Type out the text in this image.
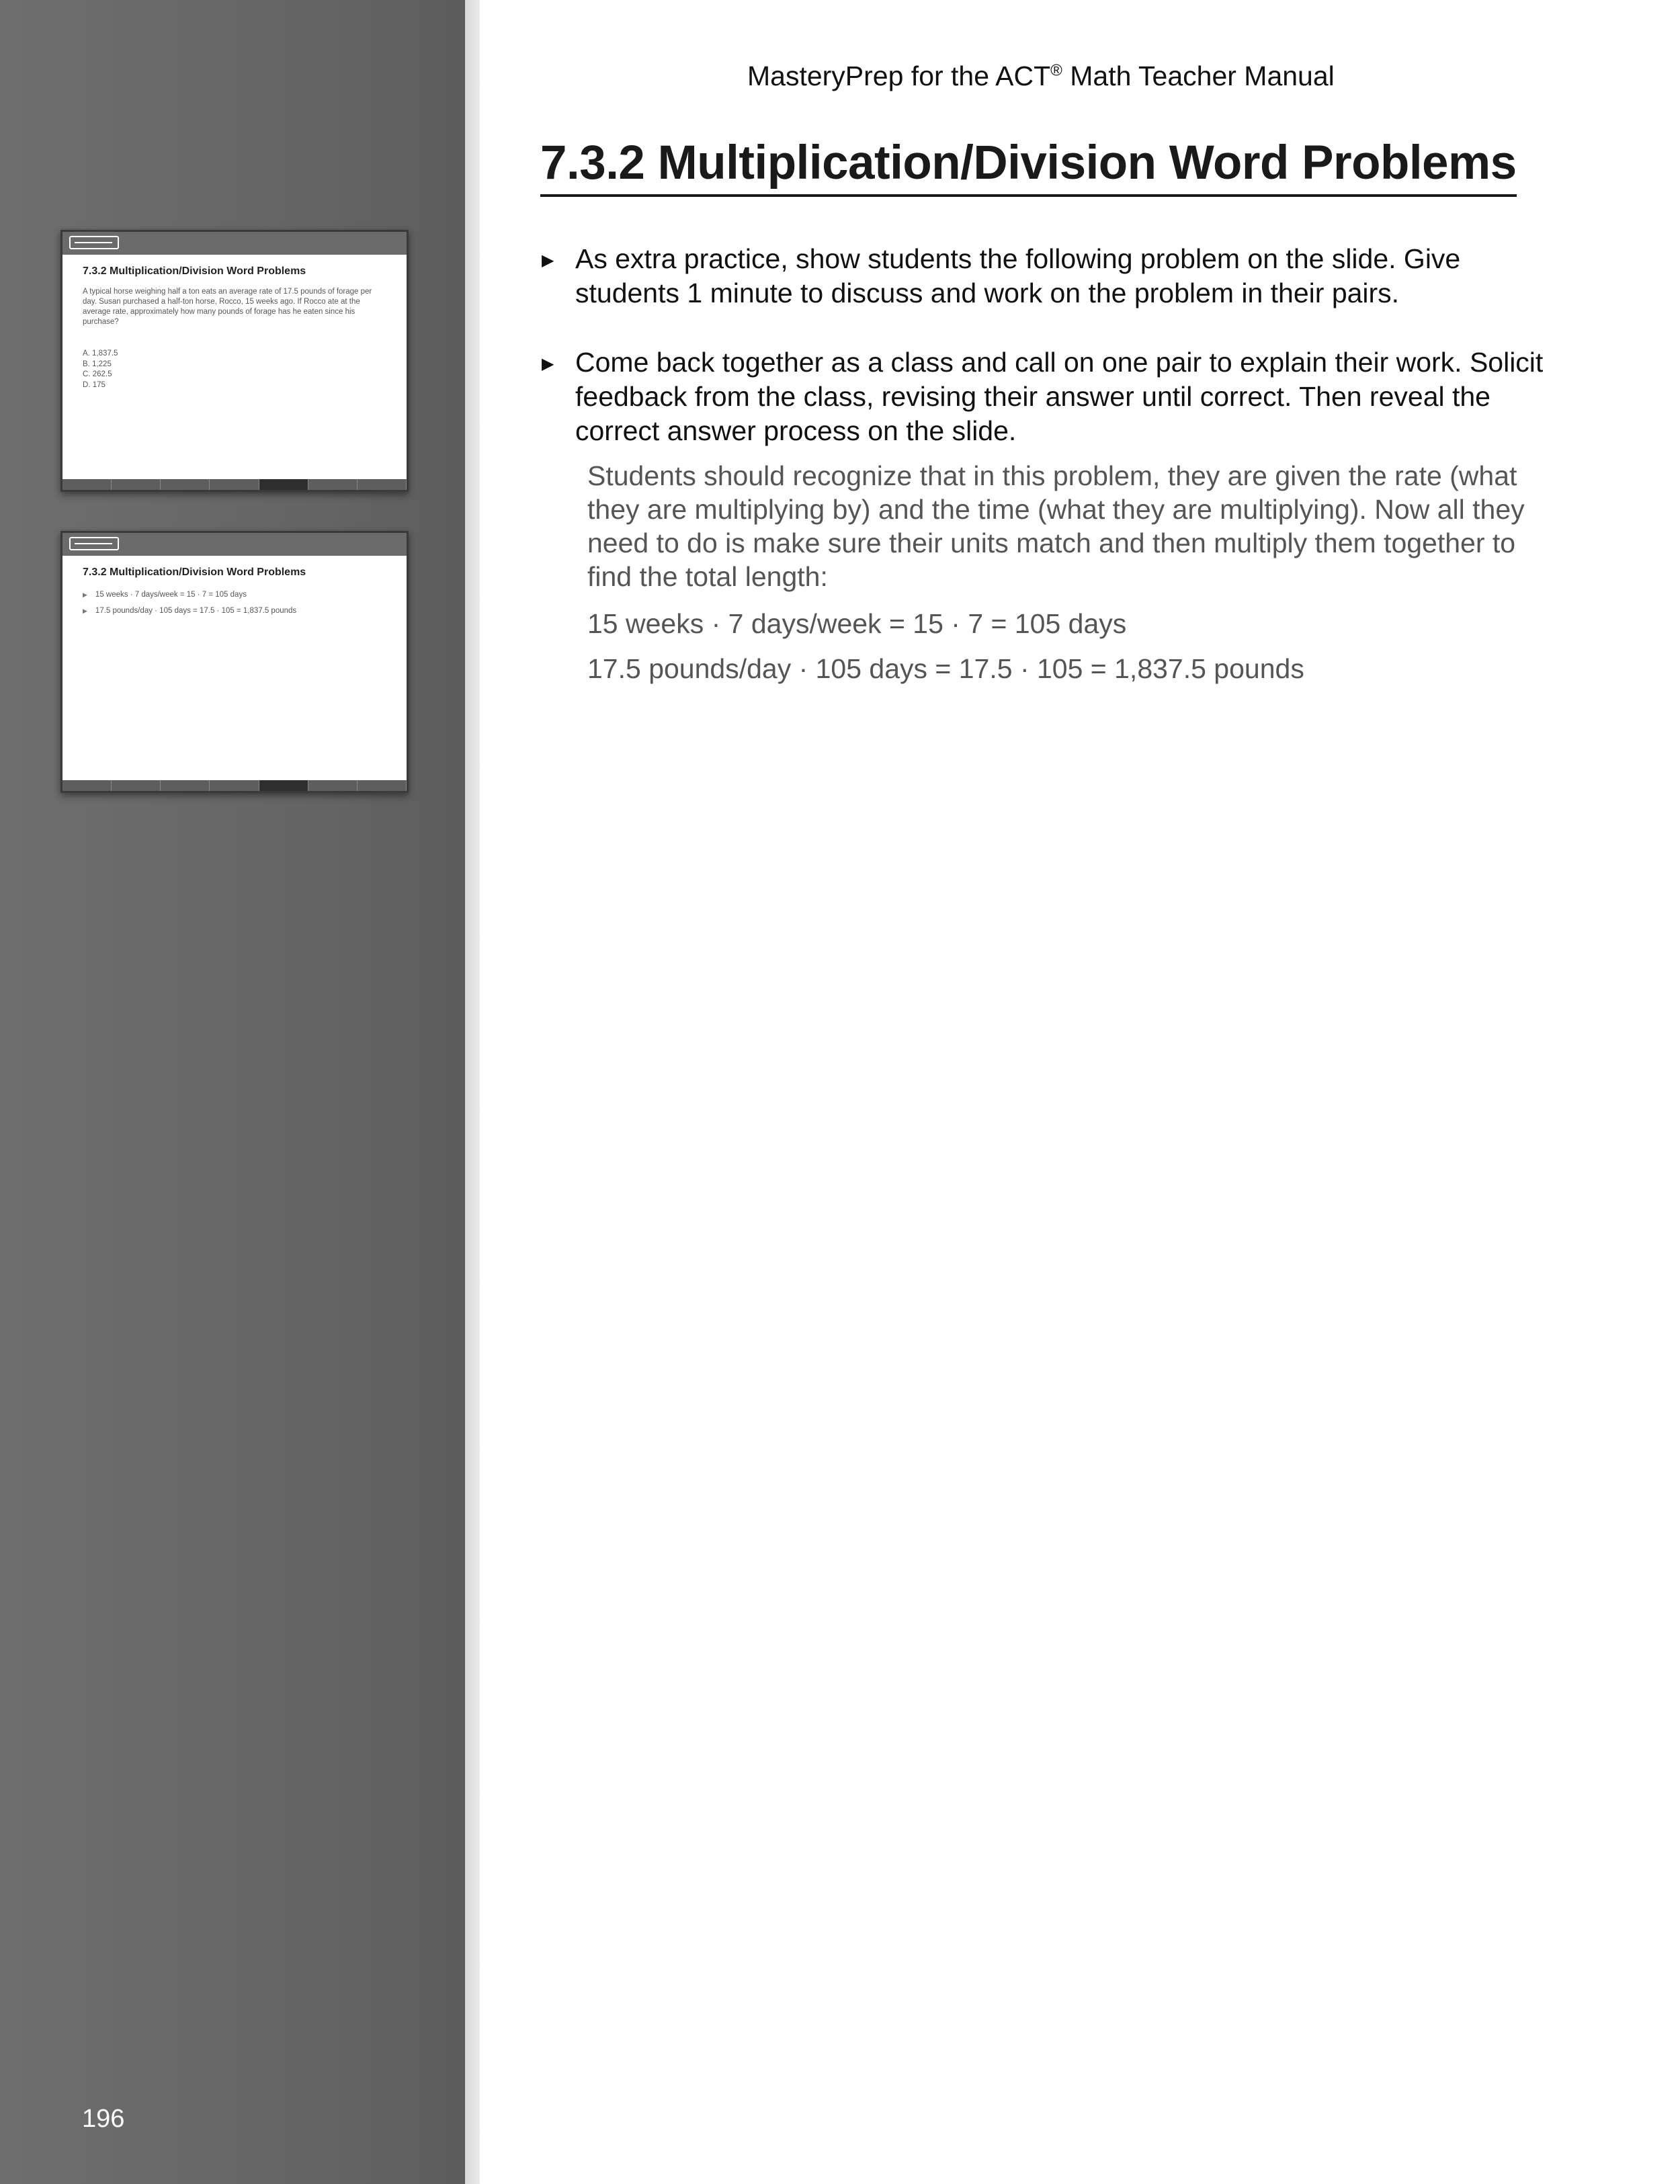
7.3.2 Multiplication/Division Word Problems
A typical horse weighing half a ton eats an average rate of 17.5 pounds of forage per day. Susan purchased a half-ton horse, Rocco, 15 weeks ago. If Rocco ate at the average rate, approximately how many pounds of forage has he eaten since his purchase?
A. 1,837.5
B. 1,225
C. 262.5
D. 175
7.3.2 Multiplication/Division Word Problems
▶ 15 weeks · 7 days/week = 15 · 7 = 105 days
▶ 17.5 pounds/day · 105 days = 17.5 · 105 = 1,837.5 pounds
196
MasteryPrep for the ACT® Math Teacher Manual
7.3.2 Multiplication/Division Word Problems
▶ As extra practice, show students the following problem on the slide. Give students 1 minute to discuss and work on the problem in their pairs.
▶ Come back together as a class and call on one pair to explain their work. Solicit feedback from the class, revising their answer until correct. Then reveal the correct answer process on the slide.
Students should recognize that in this problem, they are given the rate (what they are multiplying by) and the time (what they are multiplying). Now all they need to do is make sure their units match and then multiply them together to find the total length:
15 weeks · 7 days/week = 15 · 7 = 105 days
17.5 pounds/day · 105 days = 17.5 · 105 = 1,837.5 pounds
